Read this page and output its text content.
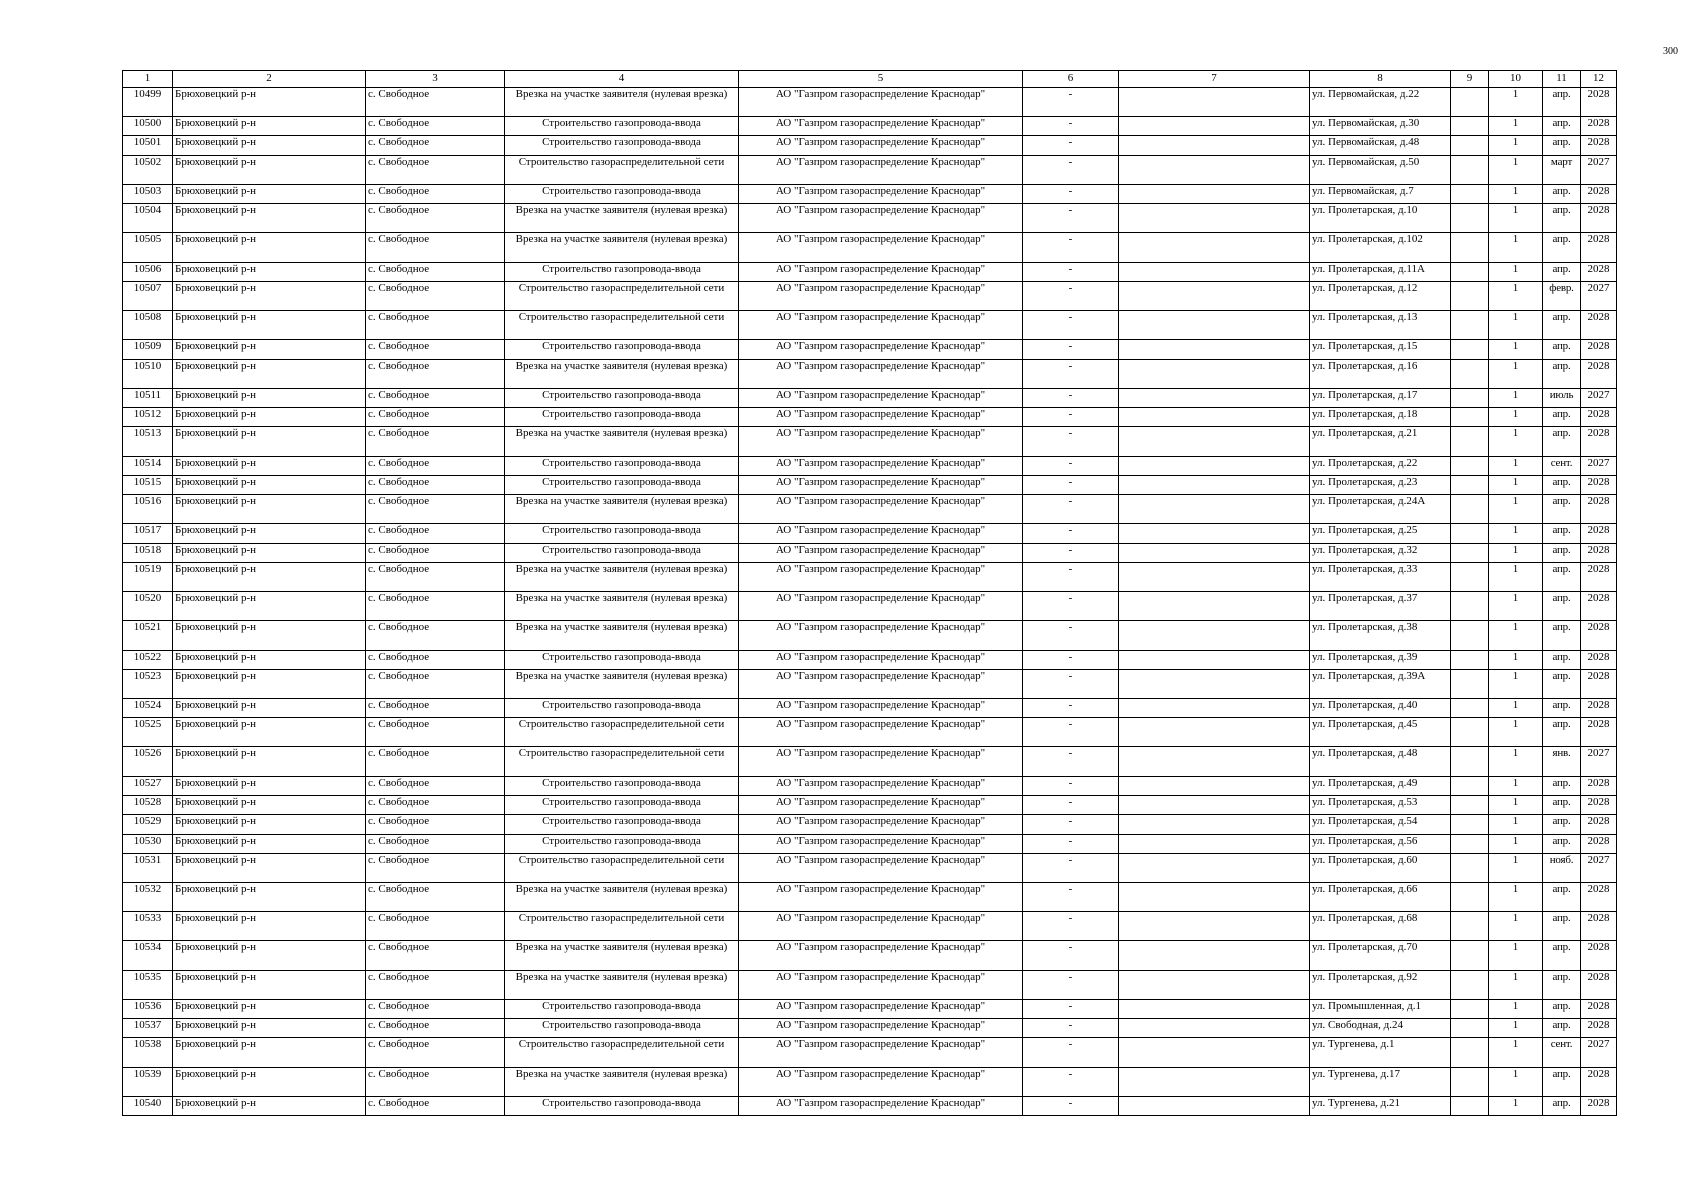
300
1	2	3	4	5	6	7	8	9	10	11	12
10499	Брюховецкий р-н	с. Свободное	Врезка на участке заявителя (нулевая врезка)	АО "Газпром газораспределение Краснодар"	-		ул. Первомайская, д.22		1	апр.	2028
10500	Брюховецкий р-н	с. Свободное	Строительство газопровода-ввода	АО "Газпром газораспределение Краснодар"	-		ул. Первомайская, д.30		1	апр.	2028
10501	Брюховецкий р-н	с. Свободное	Строительство газопровода-ввода	АО "Газпром газораспределение Краснодар"	-		ул. Первомайская, д.48		1	апр.	2028
10502	Брюховецкий р-н	с. Свободное	Строительство газораспределительной сети	АО "Газпром газораспределение Краснодар"	-		ул. Первомайская, д.50		1	март	2027
10503	Брюховецкий р-н	с. Свободное	Строительство газопровода-ввода	АО "Газпром газораспределение Краснодар"	-		ул. Первомайская, д.7		1	апр.	2028
10504	Брюховецкий р-н	с. Свободное	Врезка на участке заявителя (нулевая врезка)	АО "Газпром газораспределение Краснодар"	-		ул. Пролетарская, д.10		1	апр.	2028
10505	Брюховецкий р-н	с. Свободное	Врезка на участке заявителя (нулевая врезка)	АО "Газпром газораспределение Краснодар"	-		ул. Пролетарская, д.102		1	апр.	2028
10506	Брюховецкий р-н	с. Свободное	Строительство газопровода-ввода	АО "Газпром газораспределение Краснодар"	-		ул. Пролетарская, д.11А		1	апр.	2028
10507	Брюховецкий р-н	с. Свободное	Строительство газораспределительной сети	АО "Газпром газораспределение Краснодар"	-		ул. Пролетарская, д.12		1	февр.	2027
10508	Брюховецкий р-н	с. Свободное	Строительство газораспределительной сети	АО "Газпром газораспределение Краснодар"	-		ул. Пролетарская, д.13		1	апр.	2028
10509	Брюховецкий р-н	с. Свободное	Строительство газопровода-ввода	АО "Газпром газораспределение Краснодар"	-		ул. Пролетарская, д.15		1	апр.	2028
10510	Брюховецкий р-н	с. Свободное	Врезка на участке заявителя (нулевая врезка)	АО "Газпром газораспределение Краснодар"	-		ул. Пролетарская, д.16		1	апр.	2028
10511	Брюховецкий р-н	с. Свободное	Строительство газопровода-ввода	АО "Газпром газораспределение Краснодар"	-		ул. Пролетарская, д.17		1	июль	2027
10512	Брюховецкий р-н	с. Свободное	Строительство газопровода-ввода	АО "Газпром газораспределение Краснодар"	-		ул. Пролетарская, д.18		1	апр.	2028
10513	Брюховецкий р-н	с. Свободное	Врезка на участке заявителя (нулевая врезка)	АО "Газпром газораспределение Краснодар"	-		ул. Пролетарская, д.21		1	апр.	2028
10514	Брюховецкий р-н	с. Свободное	Строительство газопровода-ввода	АО "Газпром газораспределение Краснодар"	-		ул. Пролетарская, д.22		1	сент.	2027
10515	Брюховецкий р-н	с. Свободное	Строительство газопровода-ввода	АО "Газпром газораспределение Краснодар"	-		ул. Пролетарская, д.23		1	апр.	2028
10516	Брюховецкий р-н	с. Свободное	Врезка на участке заявителя (нулевая врезка)	АО "Газпром газораспределение Краснодар"	-		ул. Пролетарская, д.24А		1	апр.	2028
10517	Брюховецкий р-н	с. Свободное	Строительство газопровода-ввода	АО "Газпром газораспределение Краснодар"	-		ул. Пролетарская, д.25		1	апр.	2028
10518	Брюховецкий р-н	с. Свободное	Строительство газопровода-ввода	АО "Газпром газораспределение Краснодар"	-		ул. Пролетарская, д.32		1	апр.	2028
10519	Брюховецкий р-н	с. Свободное	Врезка на участке заявителя (нулевая врезка)	АО "Газпром газораспределение Краснодар"	-		ул. Пролетарская, д.33		1	апр.	2028
10520	Брюховецкий р-н	с. Свободное	Врезка на участке заявителя (нулевая врезка)	АО "Газпром газораспределение Краснодар"	-		ул. Пролетарская, д.37		1	апр.	2028
10521	Брюховецкий р-н	с. Свободное	Врезка на участке заявителя (нулевая врезка)	АО "Газпром газораспределение Краснодар"	-		ул. Пролетарская, д.38		1	апр.	2028
10522	Брюховецкий р-н	с. Свободное	Строительство газопровода-ввода	АО "Газпром газораспределение Краснодар"	-		ул. Пролетарская, д.39		1	апр.	2028
10523	Брюховецкий р-н	с. Свободное	Врезка на участке заявителя (нулевая врезка)	АО "Газпром газораспределение Краснодар"	-		ул. Пролетарская, д.39А		1	апр.	2028
10524	Брюховецкий р-н	с. Свободное	Строительство газопровода-ввода	АО "Газпром газораспределение Краснодар"	-		ул. Пролетарская, д.40		1	апр.	2028
10525	Брюховецкий р-н	с. Свободное	Строительство газораспределительной сети	АО "Газпром газораспределение Краснодар"	-		ул. Пролетарская, д.45		1	апр.	2028
10526	Брюховецкий р-н	с. Свободное	Строительство газораспределительной сети	АО "Газпром газораспределение Краснодар"	-		ул. Пролетарская, д.48		1	янв.	2027
10527	Брюховецкий р-н	с. Свободное	Строительство газопровода-ввода	АО "Газпром газораспределение Краснодар"	-		ул. Пролетарская, д.49		1	апр.	2028
10528	Брюховецкий р-н	с. Свободное	Строительство газопровода-ввода	АО "Газпром газораспределение Краснодар"	-		ул. Пролетарская, д.53		1	апр.	2028
10529	Брюховецкий р-н	с. Свободное	Строительство газопровода-ввода	АО "Газпром газораспределение Краснодар"	-		ул. Пролетарская, д.54		1	апр.	2028
10530	Брюховецкий р-н	с. Свободное	Строительство газопровода-ввода	АО "Газпром газораспределение Краснодар"	-		ул. Пролетарская, д.56		1	апр.	2028
10531	Брюховецкий р-н	с. Свободное	Строительство газораспределительной сети	АО "Газпром газораспределение Краснодар"	-		ул. Пролетарская, д.60		1	нояб.	2027
10532	Брюховецкий р-н	с. Свободное	Врезка на участке заявителя (нулевая врезка)	АО "Газпром газораспределение Краснодар"	-		ул. Пролетарская, д.66		1	апр.	2028
10533	Брюховецкий р-н	с. Свободное	Строительство газораспределительной сети	АО "Газпром газораспределение Краснодар"	-		ул. Пролетарская, д.68		1	апр.	2028
10534	Брюховецкий р-н	с. Свободное	Врезка на участке заявителя (нулевая врезка)	АО "Газпром газораспределение Краснодар"	-		ул. Пролетарская, д.70		1	апр.	2028
10535	Брюховецкий р-н	с. Свободное	Врезка на участке заявителя (нулевая врезка)	АО "Газпром газораспределение Краснодар"	-		ул. Пролетарская, д.92		1	апр.	2028
10536	Брюховецкий р-н	с. Свободное	Строительство газопровода-ввода	АО "Газпром газораспределение Краснодар"	-		ул. Промышленная, д.1		1	апр.	2028
10537	Брюховецкий р-н	с. Свободное	Строительство газопровода-ввода	АО "Газпром газораспределение Краснодар"	-		ул. Свободная, д.24		1	апр.	2028
10538	Брюховецкий р-н	с. Свободное	Строительство газораспределительной сети	АО "Газпром газораспределение Краснодар"	-		ул. Тургенева, д.1		1	сент.	2027
10539	Брюховецкий р-н	с. Свободное	Врезка на участке заявителя (нулевая врезка)	АО "Газпром газораспределение Краснодар"	-		ул. Тургенева, д.17		1	апр.	2028
10540	Брюховецкий р-н	с. Свободное	Строительство газопровода-ввода	АО "Газпром газораспределение Краснодар"	-		ул. Тургенева, д.21		1	апр.	2028
